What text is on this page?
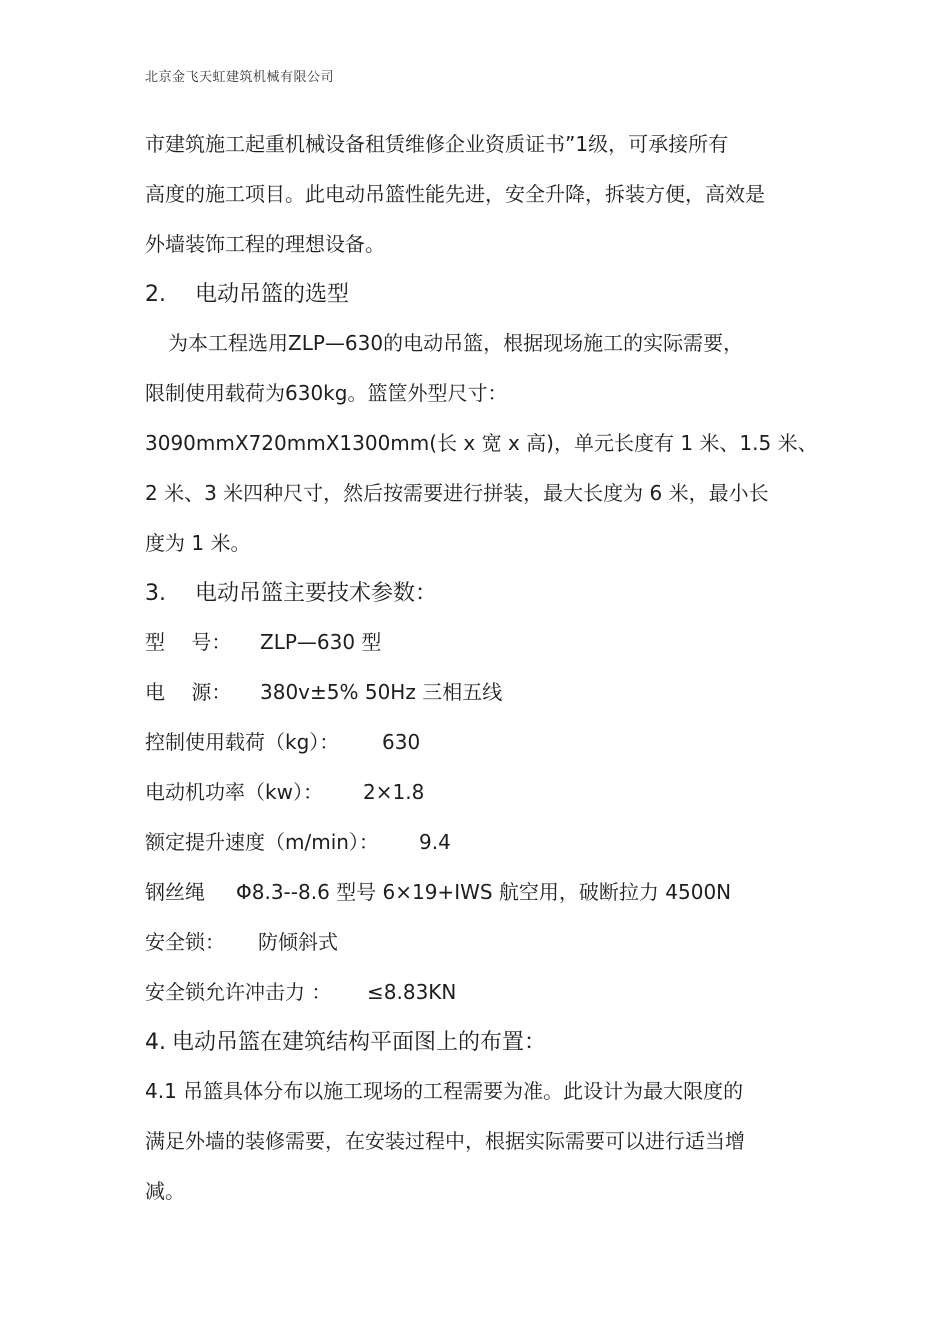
北京金飞天虹建筑机械有限公司
市建筑施工起重机械设备租赁维修企业资质证书”1级，可承接所有
高度的施工项目。此电动吊篮性能先进，安全升降，拆装方便，高效是
外墙装饰工程的理想设备。
2. 电动吊篮的选型
为本工程选用ZLP—630的电动吊篮，根据现场施工的实际需要，
限制使用载荷为630kg。篮筐外型尺寸：
3090mmX720mmX1300mm(长 x 宽 x 高)，单元长度有 1 米、1.5 米、
2 米、3 米四种尺寸，然后按需要进行拼装，最大长度为 6 米，最小长
度为 1 米。
3. 电动吊篮主要技术参数：
型　 号： ZLP—630 型
电　 源： 380v±5% 50Hz 三相五线
控制使用载荷（kg）： 630
电动机功率（kw）： 2×1.8
额定提升速度（m/min）： 9.4
钢丝绳 Φ8.3--8.6 型号 6×19+IWS 航空用，破断拉力 4500N
安全锁： 防倾斜式
安全锁允许冲击力 ： ≤8.83KN
4. 电动吊篮在建筑结构平面图上的布置：
4.1 吊篮具体分布以施工现场的工程需要为准。此设计为最大限度的
满足外墙的装修需要，在安装过程中，根据实际需要可以进行适当增
减。
